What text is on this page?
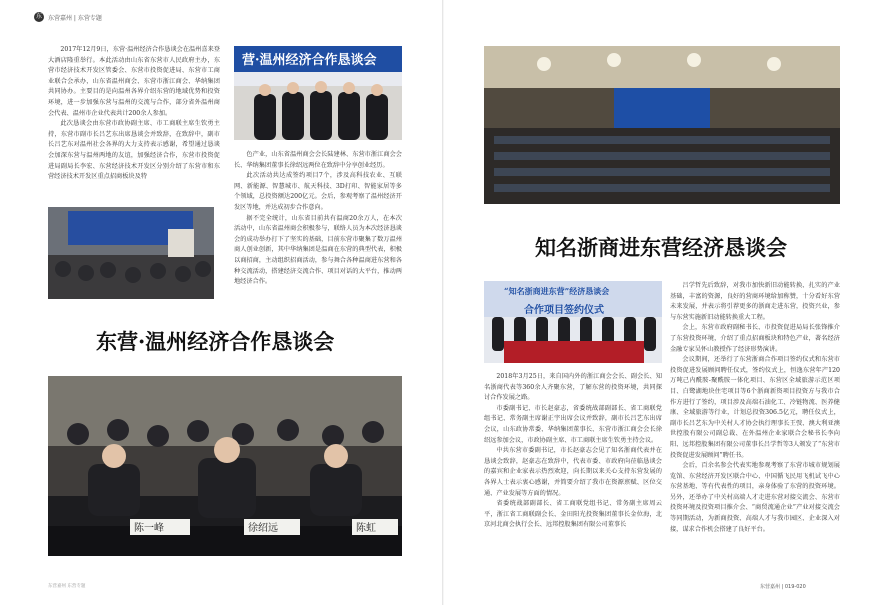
东	东营嘉州 | 东营专题

2017年12月9日，东营·温州经济合作恳谈会在温州喜来登大酒店隆重举行。本此活动由山东省东营市人民政府主办，东营市经济技术开发区管委会、东营市投资促进局、东营市工商业联合会承办，山东省温州商会、东营市浙江商会、华纳集团共同协办。主要目的是向温州各界介绍东营的地域优势和投资环境，进一步加强东营与温州的交流与合作，部分省外温州商会代表、温州市企业代表共计200余人参加。

此次恳谈会由东营市政协副主席、市工商联主席生钦勇主持，东营市副市长吕艺东出席恳谈会并致辞，在致辞中，副市长吕艺东对温州社会各界的大力支持表示感谢，希望通过恳谈会加深东营与温州两地的友谊，加强经济合作，东营市投资促进局副局长李宏、东营经济技术开发区分别介绍了东营市和东营经济技术开发区重点招商板块及特

营·温州经济合作恳谈会

色产业，山东省温州商会会长陆建林、东营市浙江商会会长、华纳集团董事长徐绍远两位在致辞中分享创业经历。

此次活动共达成签约项目7个，涉及高科技农业、互联网、新能源、智慧城市、航天科技、3D打印、智能家居等多个领域，总投资额达200亿元。会后，参观考察了温州经济开发区等地，并达成初步合作意向。

据不完全统计，山东省目前共有温商20余万人，在本次活动中，山东省温州商会积极参与，联络人员为本次经济恳谈会的成功举办打下了坚实的基础，目前东营市聚集了数万温州商人创业创新，其中华纳集团是温商在东营的典型代表，积极以商招商，主动组织招商活动，参与舞合各种温商进东营和各种交流活动，搭建经济交流合作、项目对话的大平台，推动两地经济合作。

东营·温州经济合作恳谈会
陈一峰	徐绍远	陈虹
知名浙商进东营经济恳谈会
“知名浙商进东营”经济恳谈会
合作项目签约仪式

2018年3月25日，来自国内外的浙江商会会长、副会长、知名浙商代表等360余人齐聚东营，了解东营的投资环境，共同探讨合作发展之路。

市委副书记、市长赵豪志，省委统战部副部长、省工商联党组书记、常务副主席谢正宇出席会议并致辞，副市长吕艺东出席会议，山东政协常委、华纳集团董事长、东营市浙江商会会长徐绍远参加会议，市政协副主席、市工商联主席生钦勇主持会议。

中共东营市委副书记，市长赵豪志会见了知名浙商代表并在恳谈会致辞，赵豪志在致辞中，代表市委、市政府向莅临恳谈会的嘉宾和企业家表示热烈欢迎，向长期以来关心支持东营发展的各界人士表示衷心感谢，并简要介绍了我市在资源禀赋、区位交通、产业发展等方面的情况。

省委统战部副部长、省工商联党组书记、常务副主席周云平，浙江省工商联副会长、金田阳光投资集团董事长金位海，北京河北商会执行会长、远邦控股集团有限公司董事长

吕学哲先后致辞，对我市加快新旧动能转换、扎实的产业基础，丰富的资源，良好的营商环境给加称赞，十分看好东营未来发展，并表示将引荐更多的浙商走进东营，投资兴业，参与东营实施新旧动能转换重大工程。

会上，东营市政府副秘书长、市投资促进局局长张锋推介了东营投资环境，介绍了重点招商板块和特色产业，著名经济金融专家吴怀山教授作了经济形势演讲。

会议期间，还举行了东营浙商合作项目签约仪式和东营市投资促进发展顾问聘任仪式，签约仪式上，恒逸东营年产120万吨己内酰胺-聚酰胺一体化项目、东营区全域旅游示范区项目、白鹭湖地块住宅项目等6个浙商新资项目投资方与我市合作方进行了签约，项目涉及高端石油化工、冷链物流、医养健康、全域旅游等行业，计划总投资306.5亿元，聘任仪式上，副市长吕艺东为中关村人才协会执行理事长王弢、澳大利亚澳世控股有限公司副总裁、在外温州企业家联合会秘书长李向阳、远邦控股集团有限公司董事长吕学哲等3人颁发了“东营市投资促进发展顾问”聘任书。

会后，百余名参会代表实地参观考察了东营市城市规划展览馆、东营经济开发区联合中心、中国循飞民用飞机试飞中心东营基地、等有代表性的项目，亲身体验了东营的投资环境。另外，还举办了中关村高端人才走进东营对接交流会、东营市投资环境及投资项目推介会、“商贸流通企业”产业对接交流会等同期活动，为新商投资、高端人才与我市园区、企业深入对接，谋求合作机会搭建了良好平台。

东营嘉州 | 019-020
东营嘉州 东营专题
